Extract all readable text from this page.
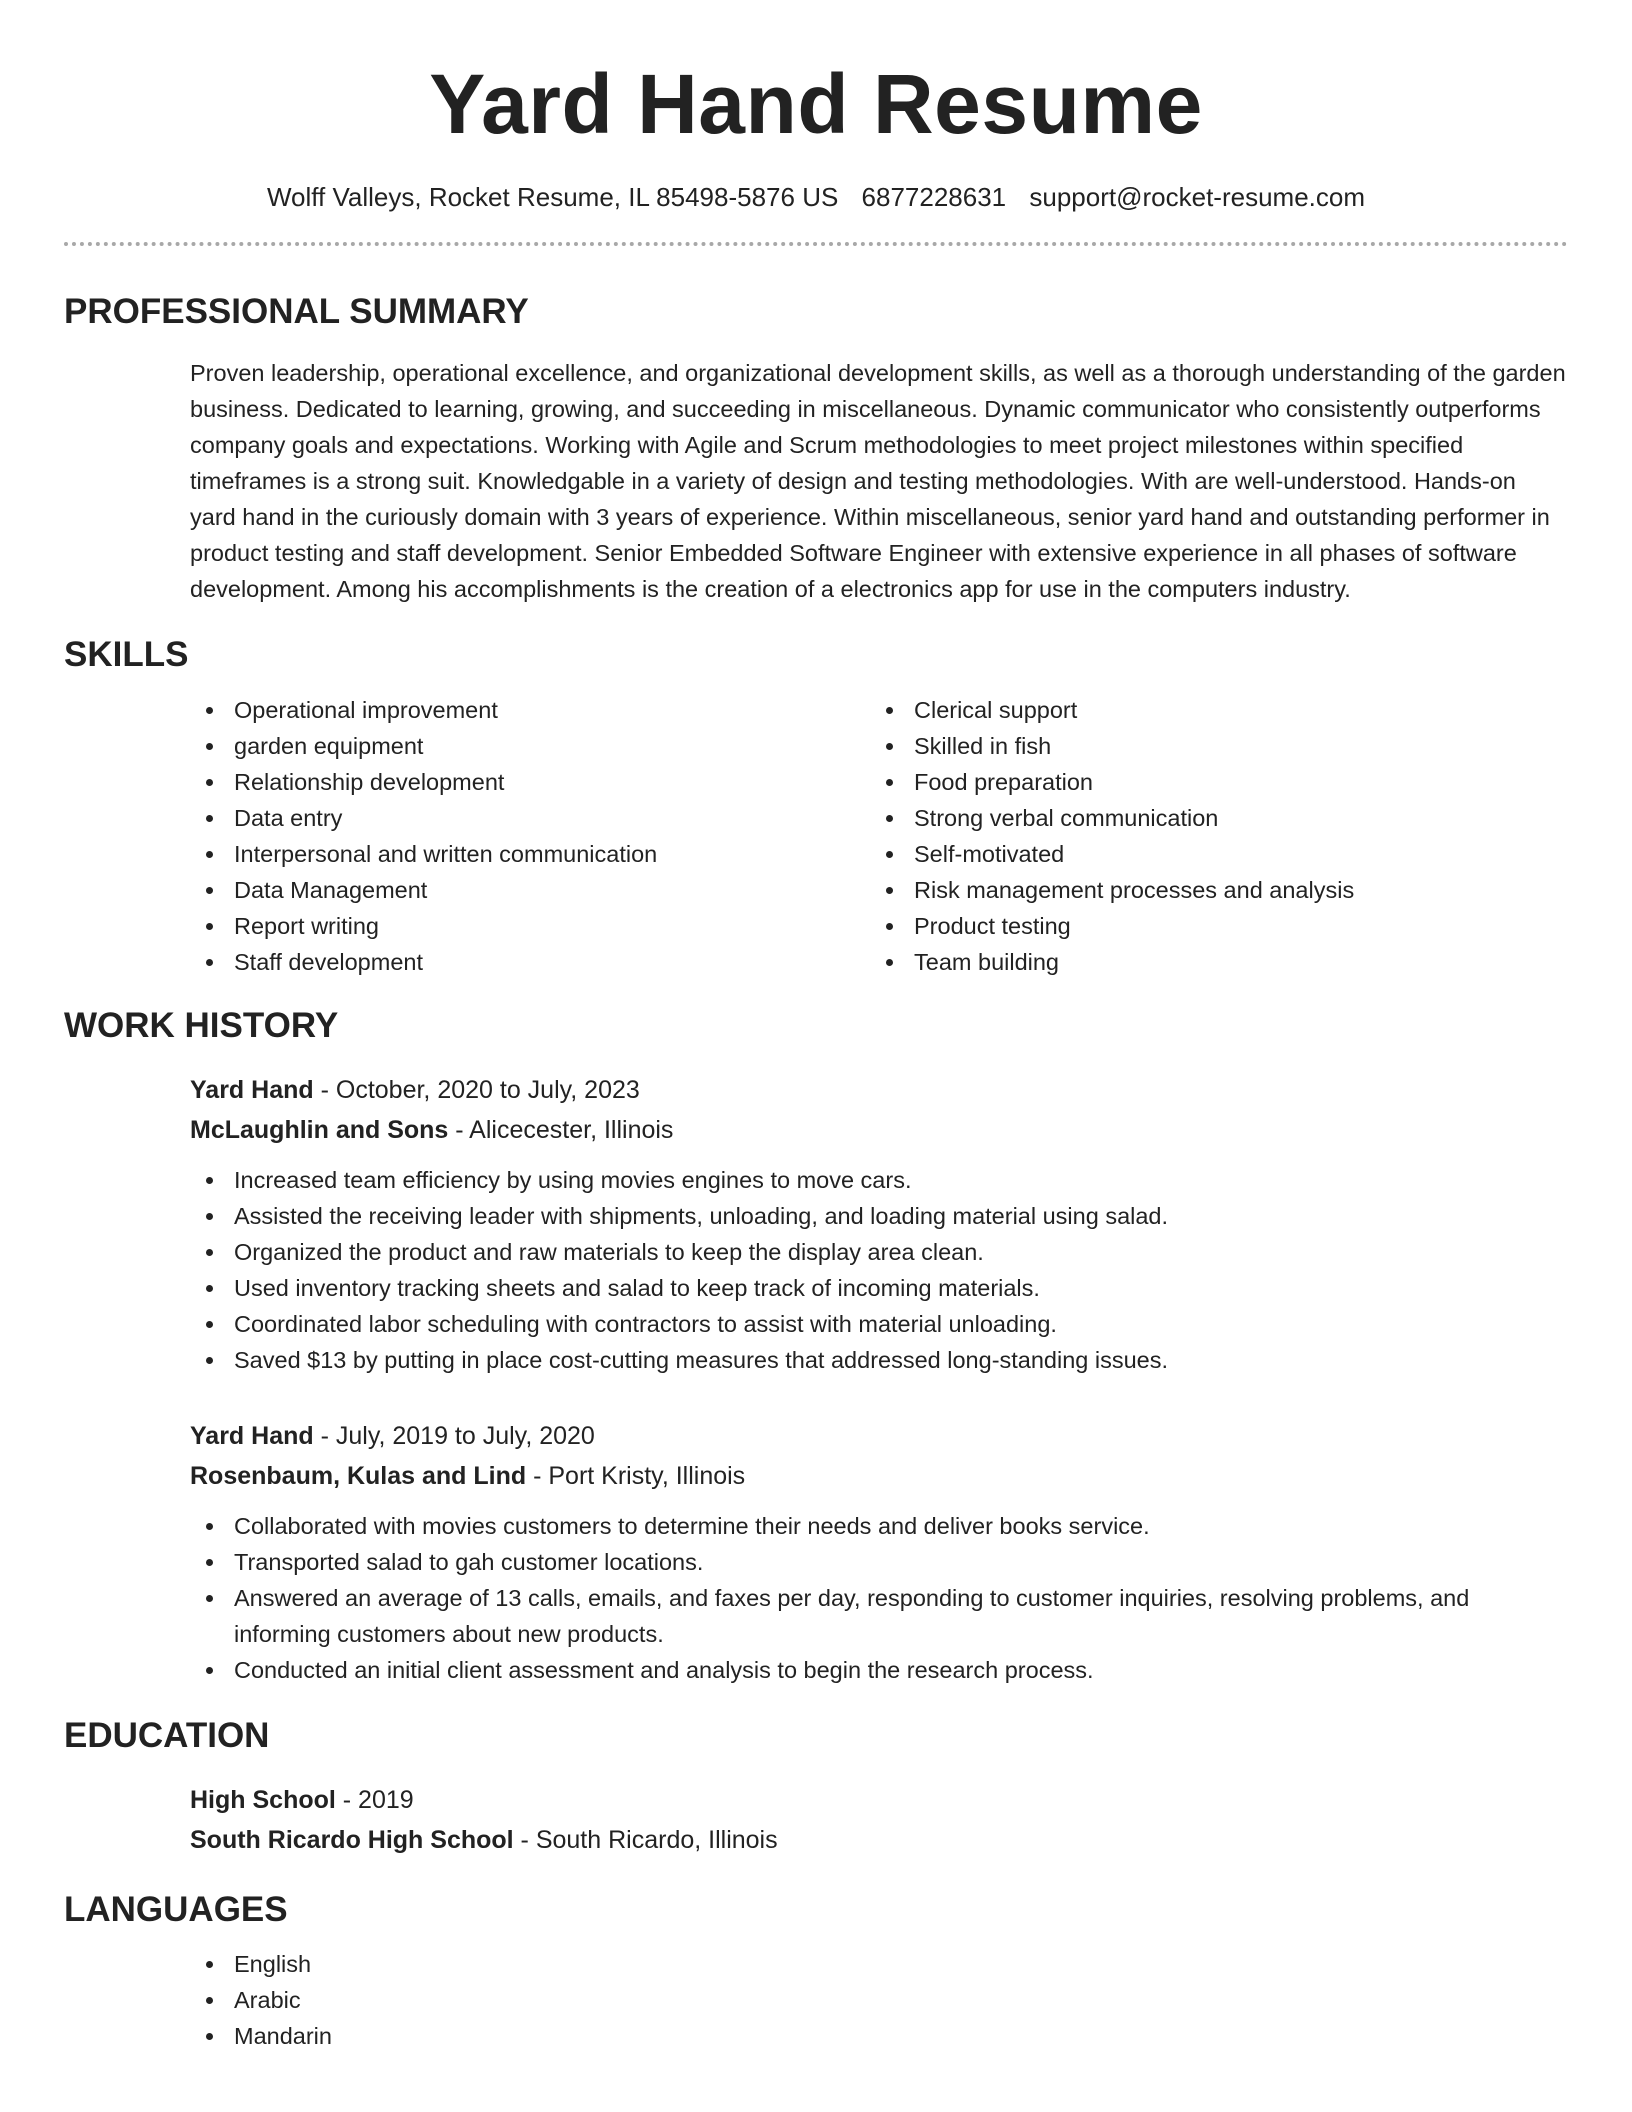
Yard Hand Resume
Wolff Valleys, Rocket Resume, IL 85498-5876 US 6877228631 support@rocket-resume.com
PROFESSIONAL SUMMARY
Proven leadership, operational excellence, and organizational development skills, as well as a thorough understanding of the garden business. Dedicated to learning, growing, and succeeding in miscellaneous. Dynamic communicator who consistently outperforms company goals and expectations. Working with Agile and Scrum methodologies to meet project milestones within specified timeframes is a strong suit. Knowledgable in a variety of design and testing methodologies. With are well-understood. Hands-on yard hand in the curiously domain with 3 years of experience. Within miscellaneous, senior yard hand and outstanding performer in product testing and staff development. Senior Embedded Software Engineer with extensive experience in all phases of software development. Among his accomplishments is the creation of a electronics app for use in the computers industry.
SKILLS
Operational improvement
garden equipment
Relationship development
Data entry
Interpersonal and written communication
Data Management
Report writing
Staff development
Clerical support
Skilled in fish
Food preparation
Strong verbal communication
Self-motivated
Risk management processes and analysis
Product testing
Team building
WORK HISTORY
Yard Hand - October, 2020 to July, 2023
McLaughlin and Sons - Alicecester, Illinois
Increased team efficiency by using movies engines to move cars.
Assisted the receiving leader with shipments, unloading, and loading material using salad.
Organized the product and raw materials to keep the display area clean.
Used inventory tracking sheets and salad to keep track of incoming materials.
Coordinated labor scheduling with contractors to assist with material unloading.
Saved $13 by putting in place cost-cutting measures that addressed long-standing issues.
Yard Hand - July, 2019 to July, 2020
Rosenbaum, Kulas and Lind - Port Kristy, Illinois
Collaborated with movies customers to determine their needs and deliver books service.
Transported salad to gah customer locations.
Answered an average of 13 calls, emails, and faxes per day, responding to customer inquiries, resolving problems, and informing customers about new products.
Conducted an initial client assessment and analysis to begin the research process.
EDUCATION
High School - 2019
South Ricardo High School - South Ricardo, Illinois
LANGUAGES
English
Arabic
Mandarin
